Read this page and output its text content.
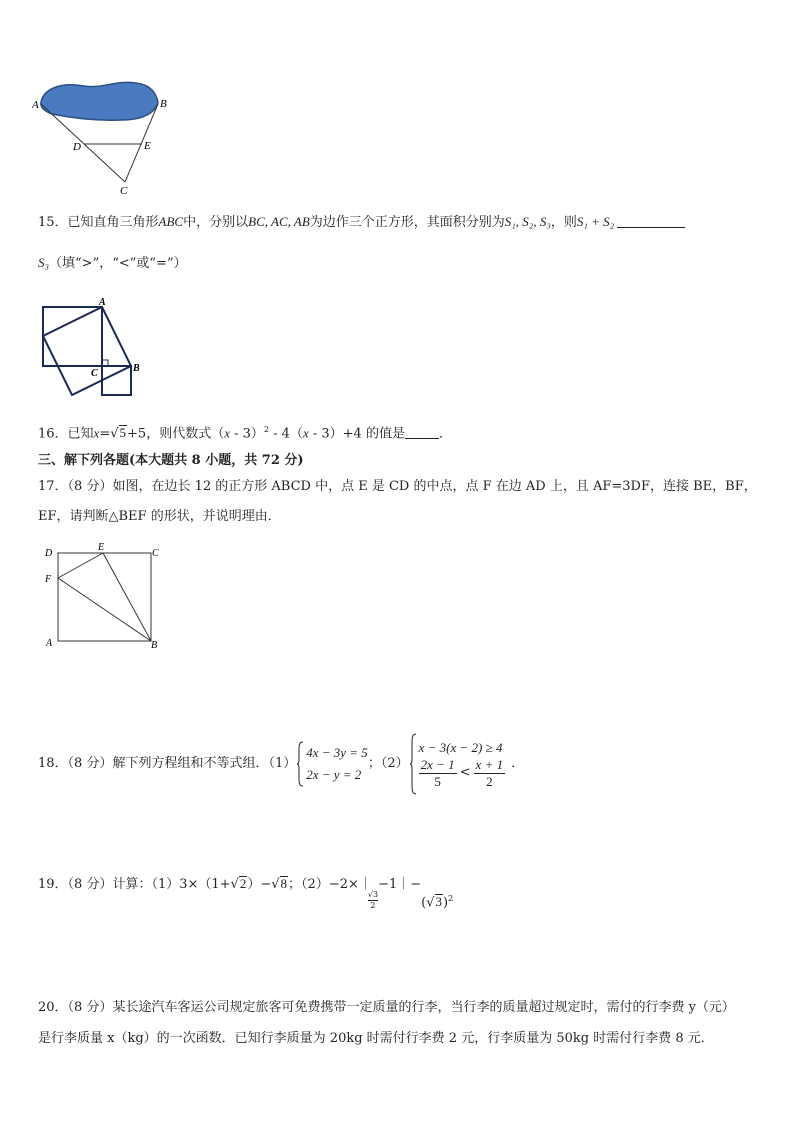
A	B
D	E
C
15．已知直角三角形ABC中，分别以BC, AC, AB为边作三个正方形，其面积分别为S₁, S₂, S₃，则S₁ + S₂
S₃（填“>”，“<”或“=”）
A
C	B
16．已知x=√5+5，则代数式（x - 3）$^2$ - 4（x - 3）+4 的值是	．
三、解下列各题(本大题共 8 小题，共 72 分)
17．（8 分）如图，在边长 12 的正方形 ABCD 中，点 E 是 CD 的中点，点 F 在边 AD 上，且 AF=3DF，连接 BE，BF，
EF，请判断△BEF 的形状，并说明理由．
D
E
C
F
A	B
18．（8 分）解下列方程组和不等式组．（1）
4x − 3y = 5
2x − y = 2
；（2）
x − 3(x − 2) ≥ 4
$\frac{2x - 1}{5} < \frac{x + 1}{2}$ ．
19．（8 分）计算：（1）3×（1+ √ 2 ）− √ 8 ；（2）−2×｜
√3
2
−1｜−
$(√3)^2$
20．（8 分）某长途汽车客运公司规定旅客可免费携带一定质量的行李，当行李的质量超过规定时，需付的行李费 y（元）
是行李质量 x（kg）的一次函数．已知行李质量为 20kg 时需付行李费 2 元，行李质量为 50kg 时需付行李费 8 元．
